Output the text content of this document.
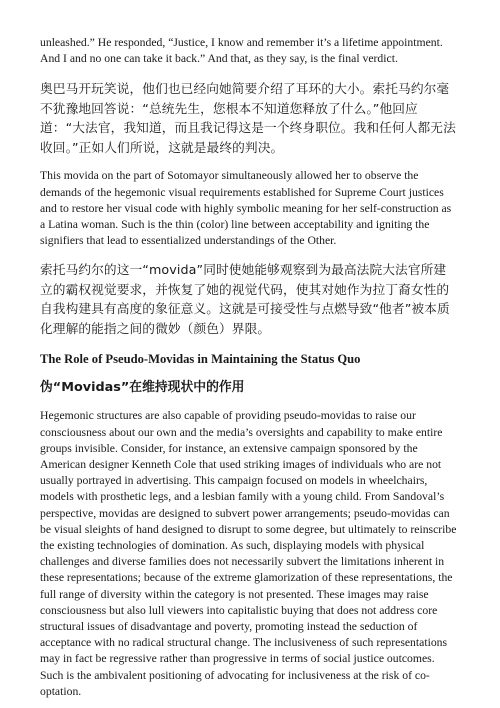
unleashed.” He responded, “Justice, I know and remember it’s a lifetime appointment. And I and no one can take it back.” And that, as they say, is the final verdict.

奥巴马开玩笑说，他们也已经向她简要介绍了耳环的大小。索托马约尔毫不犹豫地回答说：“总统先生，您根本不知道您释放了什么。”他回应道：“大法官，我知道，而且我记得这是一个终身职位。我和任何人都无法收回。”正如人们所说，这就是最终的判决。

This movida on the part of Sotomayor simultaneously allowed her to observe the demands of the hegemonic visual requirements established for Supreme Court justices and to restore her visual code with highly symbolic meaning for her self-construction as a Latina woman. Such is the thin (color) line between acceptability and igniting the signifiers that lead to essentialized understandings of the Other.

索托马约尔的这一“movida”同时使她能够观察到为最高法院大法官所建立的霸权视觉要求，并恢复了她的视觉代码，使其对她作为拉丁裔女性的自我构建具有高度的象征意义。这就是可接受性与点燃导致“他者”被本质化理解的能指之间的微妙（颜色）界限。

The Role of Pseudo-Movidas in Maintaining the Status Quo
伪“Movidas”在维持现状中的作用

Hegemonic structures are also capable of providing pseudo-movidas to raise our consciousness about our own and the media’s oversights and capability to make entire groups invisible. Consider, for instance, an extensive campaign sponsored by the American designer Kenneth Cole that used striking images of individuals who are not usually portrayed in advertising. This campaign focused on models in wheelchairs, models with prosthetic legs, and a lesbian family with a young child. From Sandoval’s perspective, movidas are designed to subvert power arrangements; pseudo-movidas can be visual sleights of hand designed to disrupt to some degree, but ultimately to reinscribe the existing technologies of domination. As such, displaying models with physical challenges and diverse families does not necessarily subvert the limitations inherent in these representations; because of the extreme glamorization of these representations, the full range of diversity within the category is not presented. These images may raise consciousness but also lull viewers into capitalistic buying that does not address core structural issues of disadvantage and poverty, promoting instead the seduction of acceptance with no radical structural change. The inclusiveness of such representations may in fact be regressive rather than progressive in terms of social justice outcomes. Such is the ambivalent positioning of advocating for inclusiveness at the risk of co-optation.
